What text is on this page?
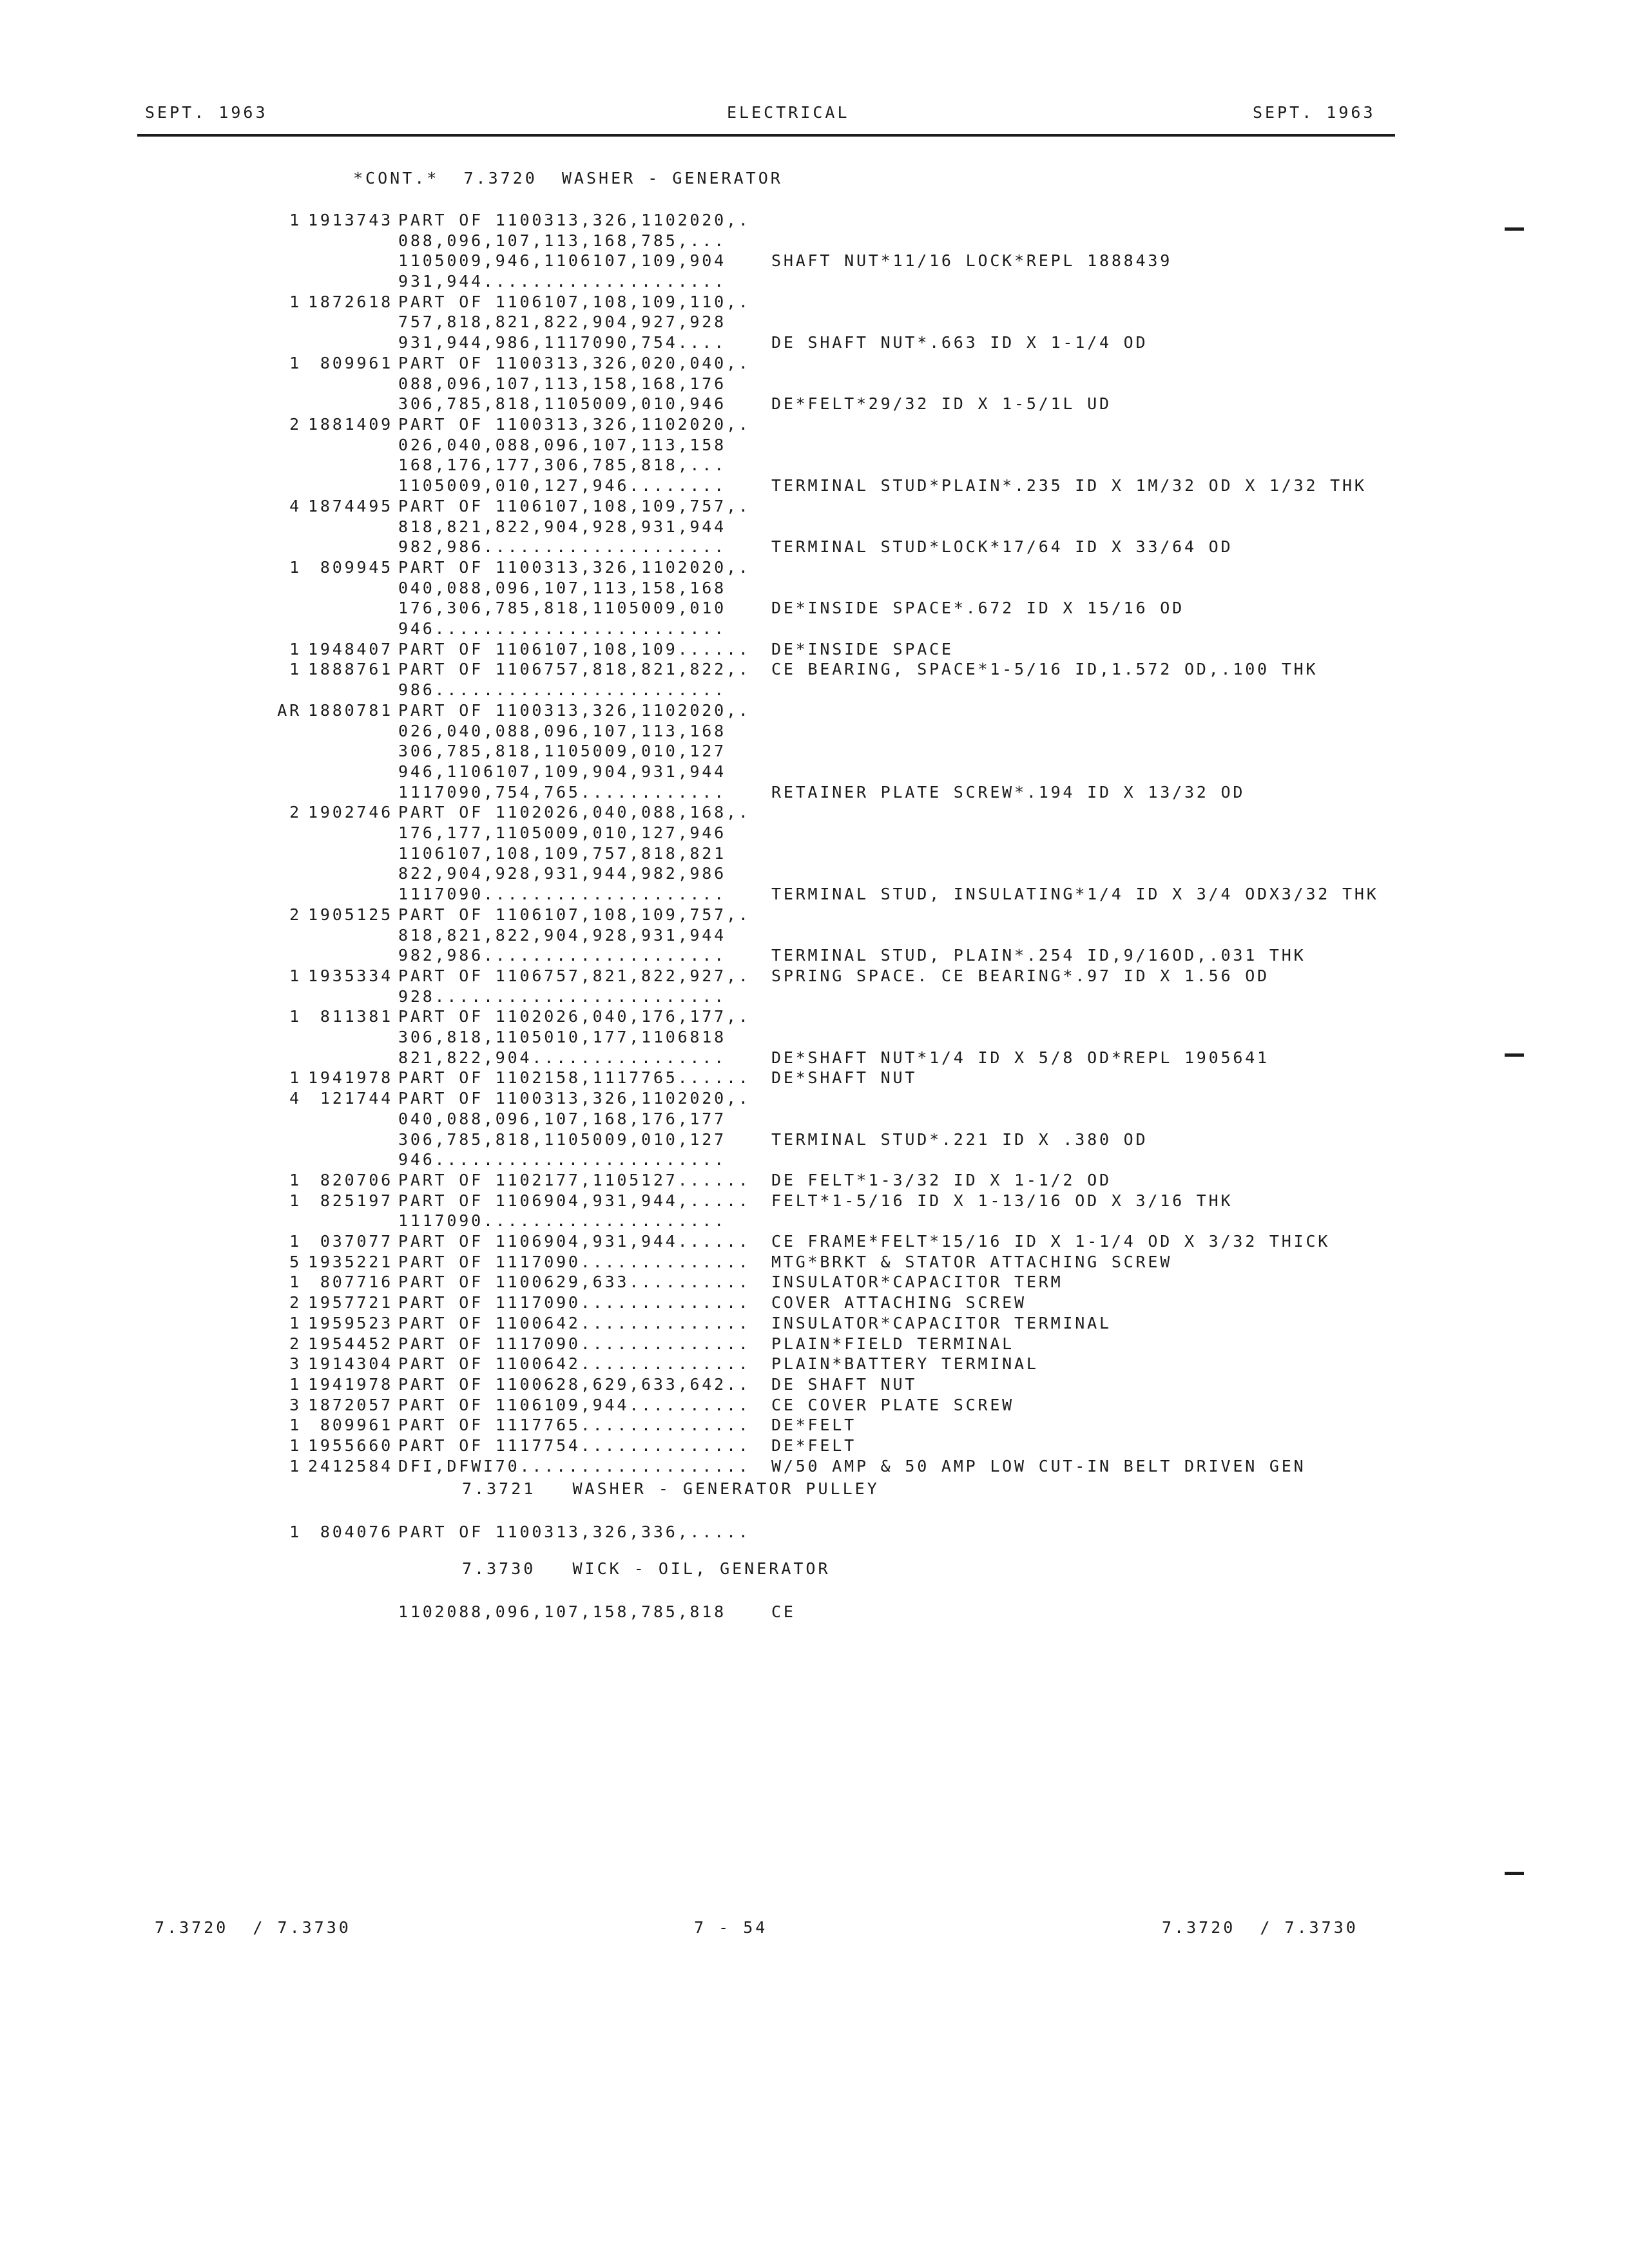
SEPT. 1963	ELECTRICAL	SEPT. 1963
*CONT.*  7.3720  WASHER - GENERATOR
7.3721   WASHER - GENERATOR PULLEY
7.3730   WICK - OIL, GENERATOR
1 1913743 PART OF 1100313,326,1102020,.
088,096,107,113,168,785,...
1105009,946,1106107,109,904	SHAFT NUT*11/16 LOCK*REPL 1888439
931,944....................
1 1872618 PART OF 1106107,108,109,110,.
757,818,821,822,904,927,928
931,944,986,1117090,754....	DE SHAFT NUT*.663 ID X 1-1/4 OD
1	809961 PART OF 1100313,326,020,040,.
088,096,107,113,158,168,176
306,785,818,1105009,010,946	DE*FELT*29/32 ID X 1-5/1L UD
2 1881409 PART OF 1100313,326,1102020,.
026,040,088,096,107,113,158
168,176,177,306,785,818,...
1105009,010,127,946........	TERMINAL STUD*PLAIN*.235 ID X 1M/32 OD X 1/32 THK
4 1874495 PART OF 1106107,108,109,757,.
818,821,822,904,928,931,944
982,986....................	TERMINAL STUD*LOCK*17/64 ID X 33/64 OD
1	809945 PART OF 1100313,326,1102020,.
040,088,096,107,113,158,168
176,306,785,818,1105009,010	DE*INSIDE SPACE*.672 ID X 15/16 OD
946........................
1 1948407 PART OF 1106107,108,109...... DE*INSIDE SPACE
1 1888761 PART OF 1106757,818,821,822,. CE BEARING, SPACE*1-5/16 ID,1.572 OD,.100 THK
986........................
AR 1880781 PART OF 1100313,326,1102020,.
026,040,088,096,107,113,168
306,785,818,1105009,010,127
946,1106107,109,904,931,944
1117090,754,765............	RETAINER PLATE SCREW*.194 ID X 13/32 OD
2 1902746 PART OF 1102026,040,088,168,.
176,177,1105009,010,127,946
1106107,108,109,757,818,821
822,904,928,931,944,982,986
1117090....................	TERMINAL STUD, INSULATING*1/4 ID X 3/4 ODX3/32 THK
2 1905125 PART OF 1106107,108,109,757,.
818,821,822,904,928,931,944
982,986....................	TERMINAL STUD, PLAIN*.254 ID,9/16OD,.031 THK
1 1935334 PART OF 1106757,821,822,927,. SPRING SPACE. CE BEARING*.97 ID X 1.56 OD
928........................
1	811381 PART OF 1102026,040,176,177,.
306,818,1105010,177,1106818
821,822,904................	DE*SHAFT NUT*1/4 ID X 5/8 OD*REPL 1905641
1 1941978 PART OF 1102158,1117765...... DE*SHAFT NUT
4	121744 PART OF 1100313,326,1102020,.
040,088,096,107,168,176,177
306,785,818,1105009,010,127	TERMINAL STUD*.221 ID X .380 OD
946........................
1	820706 PART OF 1102177,1105127...... DE FELT*1-3/32 ID X 1-1/2 OD
1	825197 PART OF 1106904,931,944,..... FELT*1-5/16 ID X 1-13/16 OD X 3/16 THK
1117090....................
1	037077 PART OF 1106904,931,944...... CE FRAME*FELT*15/16 ID X 1-1/4 OD X 3/32 THICK
5 1935221 PART OF 1117090.............. MTG*BRKT & STATOR ATTACHING SCREW
1	807716 PART OF 1100629,633.......... INSULATOR*CAPACITOR TERM
2 1957721 PART OF 1117090.............. COVER ATTACHING SCREW
1 1959523 PART OF 1100642.............. INSULATOR*CAPACITOR TERMINAL
2 1954452 PART OF 1117090.............. PLAIN*FIELD TERMINAL
3 1914304 PART OF 1100642.............. PLAIN*BATTERY TERMINAL
1 1941978 PART OF 1100628,629,633,642.. DE SHAFT NUT
3 1872057 PART OF 1106109,944.......... CE COVER PLATE SCREW
1	809961 PART OF 1117765.............. DE*FELT
1 1955660 PART OF 1117754.............. DE*FELT
1 2412584 DFI,DFWI70................... W/50 AMP & 50 AMP LOW CUT-IN BELT DRIVEN GEN
1	804076 PART OF 1100313,326,336,.....
1102088,096,107,158,785,818	CE
7.3720  / 7.3730	7 - 54	7.3720  / 7.3730
